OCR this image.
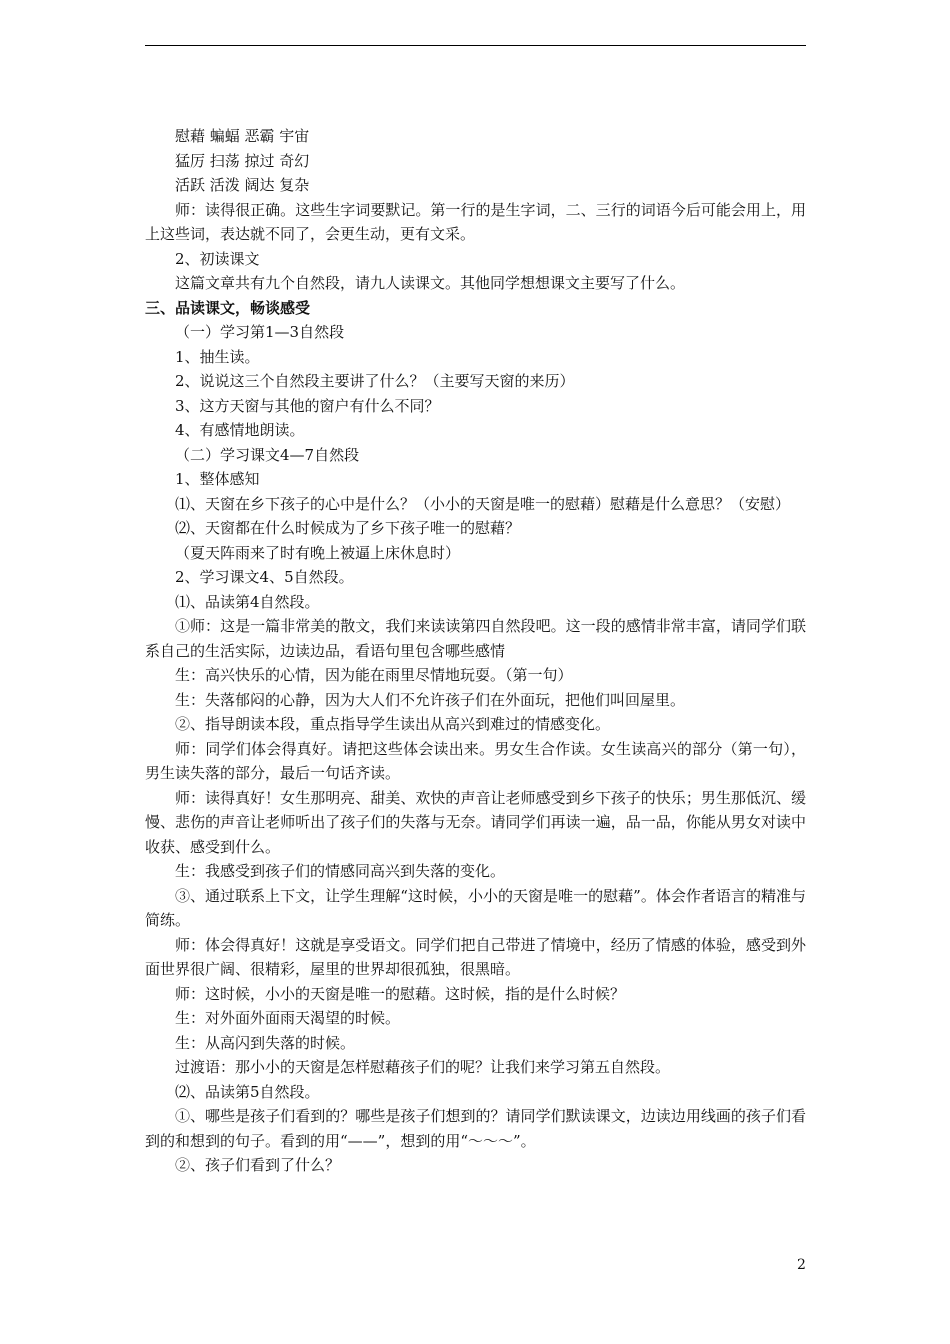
慰藉 蝙蝠 恶霸 宇宙

猛厉 扫荡 掠过 奇幻

活跃 活泼 阔达 复杂

师：读得很正确。这些生字词要默记。第一行的是生字词，二、三行的词语今后可能会用上，用上这些词，表达就不同了，会更生动，更有文采。

2、初读课文

这篇文章共有九个自然段，请九人读课文。其他同学想想课文主要写了什么。

三、品读课文，畅谈感受

（一）学习第1—3自然段

1、抽生读。

2、说说这三个自然段主要讲了什么？（主要写天窗的来历）

3、这方天窗与其他的窗户有什么不同？

4、有感情地朗读。

（二）学习课文4—7自然段

1、整体感知

⑴、天窗在乡下孩子的心中是什么？（小小的天窗是唯一的慰藉）慰藉是什么意思？（安慰）

⑵、天窗都在什么时候成为了乡下孩子唯一的慰藉？

（夏天阵雨来了时有晚上被逼上床休息时）

2、学习课文4、5自然段。

⑴、品读第4自然段。

①师：这是一篇非常美的散文，我们来读读第四自然段吧。这一段的感情非常丰富，请同学们联系自己的生活实际，边读边品，看语句里包含哪些感情

生：高兴快乐的心情，因为能在雨里尽情地玩耍。（第一句）

生：失落郁闷的心静，因为大人们不允许孩子们在外面玩，把他们叫回屋里。

②、指导朗读本段，重点指导学生读出从高兴到难过的情感变化。

师：同学们体会得真好。请把这些体会读出来。男女生合作读。女生读高兴的部分（第一句），男生读失落的部分，最后一句话齐读。

师：读得真好！女生那明亮、甜美、欢快的声音让老师感受到乡下孩子的快乐；男生那低沉、缓慢、悲伤的声音让老师听出了孩子们的失落与无奈。请同学们再读一遍，品一品，你能从男女对读中收获、感受到什么。

生：我感受到孩子们的情感同高兴到失落的变化。

③、通过联系上下文，让学生理解“这时候，小小的天窗是唯一的慰藉”。体会作者语言的精准与简练。

师：体会得真好！这就是享受语文。同学们把自己带进了情境中，经历了情感的体验，感受到外面世界很广阔、很精彩，屋里的世界却很孤独，很黑暗。

师：这时候，小小的天窗是唯一的慰藉。这时候，指的是什么时候？

生：对外面外面雨天渴望的时候。

生：从高闪到失落的时候。

过渡语：那小小的天窗是怎样慰藉孩子们的呢？让我们来学习第五自然段。

⑵、品读第5自然段。

①、哪些是孩子们看到的？哪些是孩子们想到的？请同学们默读课文，边读边用线画的孩子们看到的和想到的句子。看到的用“——”，想到的用“～～～”。

②、孩子们看到了什么？

2
